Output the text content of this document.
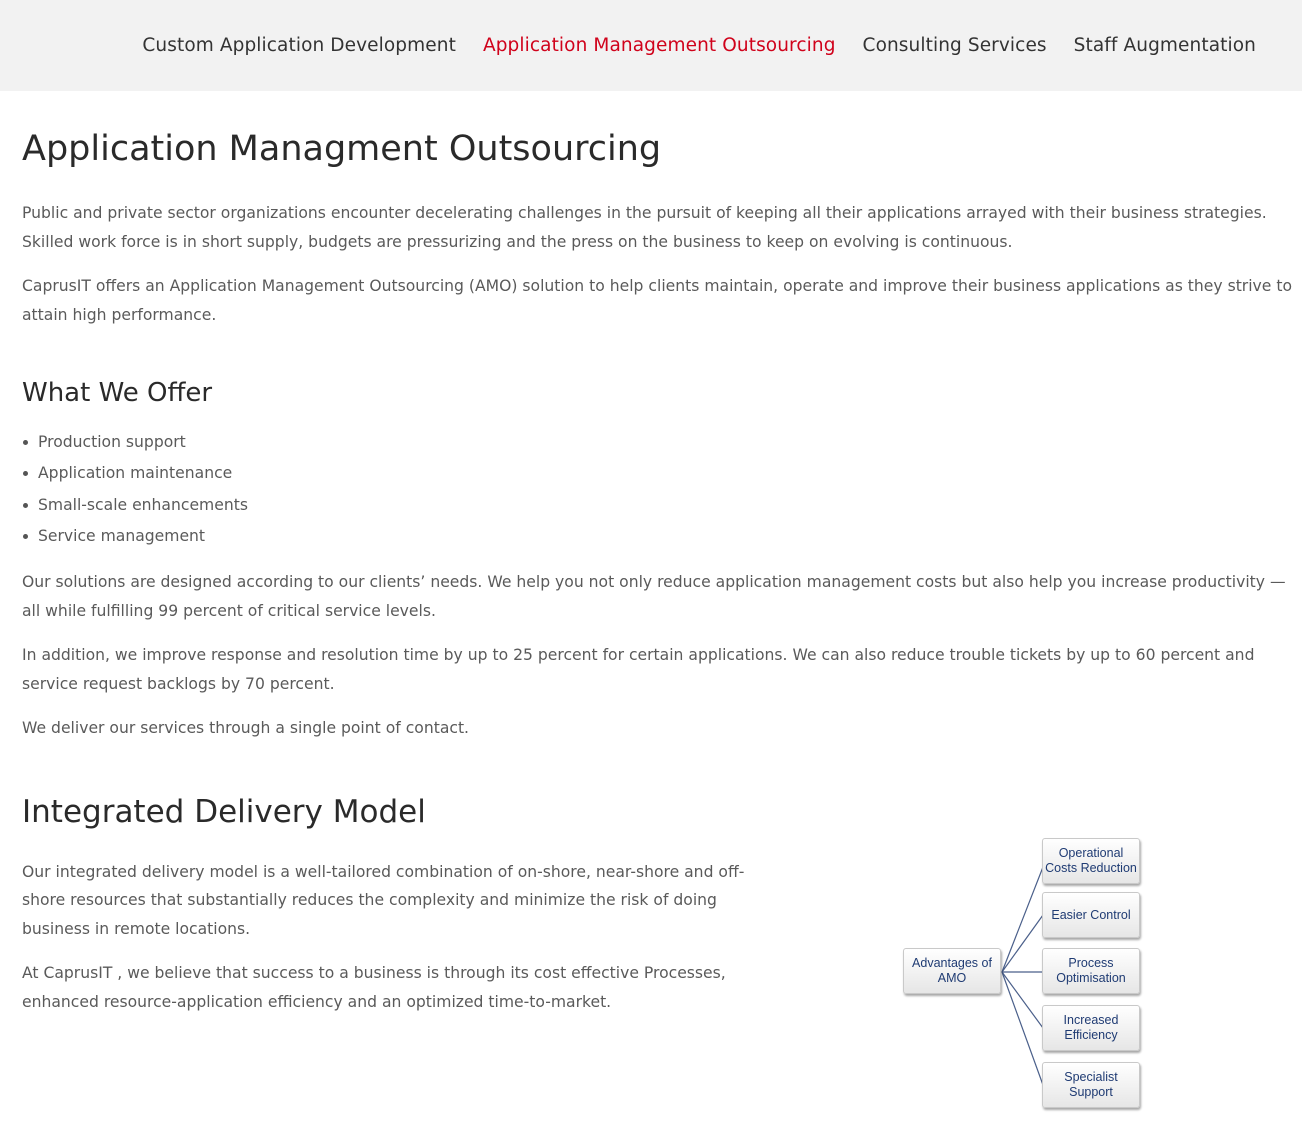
Custom Application Development Application Management Outsourcing Consulting Services Staff Augmentation
Application Managment Outsourcing

Public and private sector organizations encounter decelerating challenges in the pursuit of keeping all their applications arrayed with their business strategies. Skilled work force is in short supply, budgets are pressurizing and the press on the business to keep on evolving is continuous.

CaprusIT offers an Application Management Outsourcing (AMO) solution to help clients maintain, operate and improve their business applications as they strive to attain high performance.

What We Offer
Production support
Application maintenance
Small-scale enhancements
Service management

Our solutions are designed according to our clients’ needs. We help you not only reduce application management costs but also help you increase productivity —all while fulfilling 99 percent of critical service levels.

In addition, we improve response and resolution time by up to 25 percent for certain applications. We can also reduce trouble tickets by up to 60 percent and service request backlogs by 70 percent.

We deliver our services through a single point of contact.

Integrated Delivery Model

Our integrated delivery model is a well-tailored combination of on-shore, near-shore and off-shore resources that substantially reduces the complexity and minimize the risk of doing business in remote locations.

At CaprusIT , we believe that success to a business is through its cost effective Processes, enhanced resource-application efficiency and an optimized time-to-market.

Advantages of
AMO
Operational
Costs Reduction
Easier Control
Process
Optimisation
Increased
Efficiency
Specialist
Support
